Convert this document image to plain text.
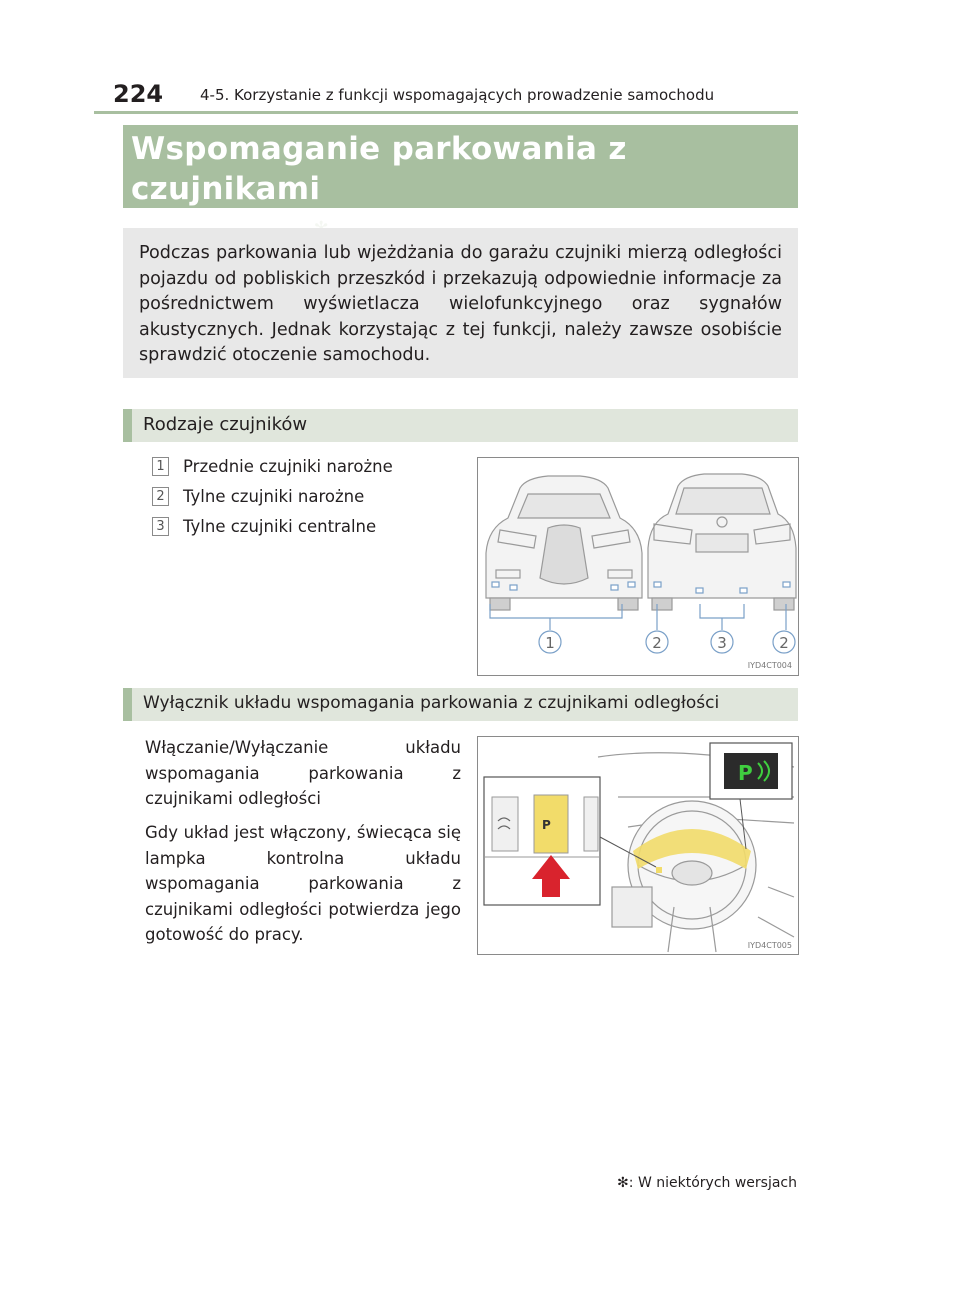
224 4-5. Korzystanie z funkcji wspomagających prowadzenie samochodu
Wspomaganie parkowania z czujnikami

Podczas parkowania lub wjeżdżania do garażu czujniki mierzą odległości pojazdu od pobliskich przeszkód i przekazują odpowiednie informacje za pośrednictwem wyświetlacza wielofunkcyjnego oraz sygnałów akustycznych. Jednak korzystając z tej funkcji, należy zawsze osobiście sprawdzić otoczenie samochodu.
Rodzaje czujników
1 Przednie czujniki narożne
2 Tylne czujniki narożne
3 Tylne czujniki centralne
1	2	3	2
IYD4CT004
Wyłącznik układu wspomagania parkowania z czujnikami odległości
Włączanie/Wyłączanie układu wspomagania parkowania z czujnikami odległości
Gdy układ jest włączony, świecąca się lampka kontrolna układu wspomagania parkowania z czujnikami odległości potwierdza jego gotowość do pracy.
P
P
IYD4CT005
✻: W niektórych wersjach
